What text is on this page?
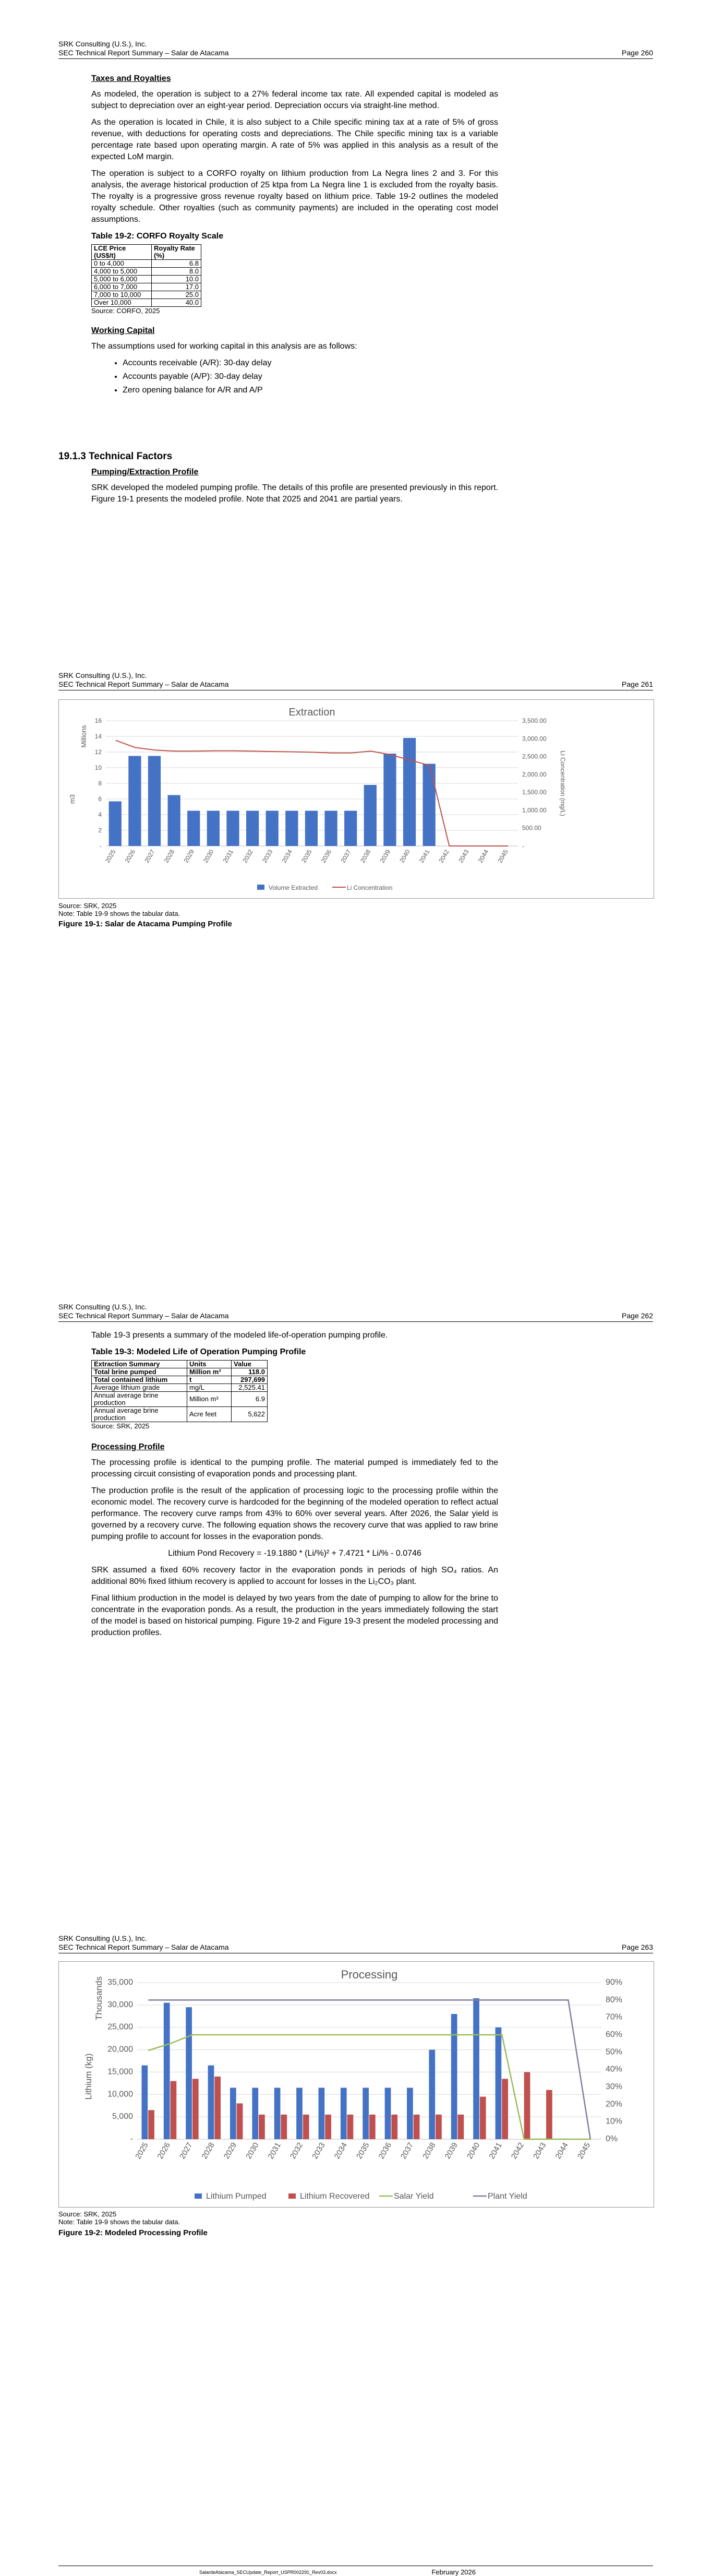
SRK Consulting (U.S.), Inc.
SEC Technical Report Summary – Salar de Atacama	Page 260
Taxes and Royalties

As modeled, the operation is subject to a 27% federal income tax rate. All expended capital is modeled as subject to depreciation over an eight-year period. Depreciation occurs via straight-line method.

As the operation is located in Chile, it is also subject to a Chile specific mining tax at a rate of 5% of gross revenue, with deductions for operating costs and depreciations. The Chile specific mining tax is a variable percentage rate based upon operating margin. A rate of 5% was applied in this analysis as a result of the expected LoM margin.

The operation is subject to a CORFO royalty on lithium production from La Negra lines 2 and 3. For this analysis, the average historical production of 25 ktpa from La Negra line 1 is excluded from the royalty basis. The royalty is a progressive gross revenue royalty based on lithium price. Table 19-2 outlines the modeled royalty schedule. Other royalties (such as community payments) are included in the operating cost model assumptions.

Table 19-2: CORFO Royalty Scale
LCE Price (US$/t)	Royalty Rate (%)
0 to 4,000	6.8
4,000 to 5,000	8.0
5,000 to 6,000	10.0
6,000 to 7,000	17.0
7,000 to 10,000	25.0
Over 10,000	40.0
Source: CORFO, 2025
Working Capital

The assumptions used for working capital in this analysis are as follows:

• Accounts receivable (A/R): 30-day delay
• Accounts payable (A/P): 30-day delay
• Zero opening balance for A/R and A/P
19.1.3 Technical Factors
Pumping/Extraction Profile

SRK developed the modeled pumping profile. The details of this profile are presented previously in this report. Figure 19-1 presents the modeled profile. Note that 2025 and 2041 are partial years.

SRK Consulting (U.S.), Inc.
SEC Technical Report Summary – Salar de Atacama	Page 261
Extraction
-
2
4
6
8
10
12
14
16
-
500.00
1,000.00
1,500.00
2,000.00
2,500.00
3,000.00
3,500.00
m3
Millions
Li Concentration (mg/L)
2025 2026 2027 2028 2029 2030 2031 2032 2033 2034 2035 2036 2037 2038 2039 2040 2041 2042 2043 2044 2045
Volume Extracted	Li Concentration
Source: SRK, 2025
Note: Table 19-9 shows the tabular data.
Figure 19-1: Salar de Atacama Pumping Profile
SRK Consulting (U.S.), Inc.
SEC Technical Report Summary – Salar de Atacama	Page 262

Table 19-3 presents a summary of the modeled life-of-operation pumping profile.

Table 19-3: Modeled Life of Operation Pumping Profile
Extraction Summary	Units	Value
Total brine pumped	Million m³	118.0
Total contained lithium	t	297,699
Average lithium grade	mg/L	2,525.41
Annual average brine production	Million m³	6.9
Annual average brine production	Acre feet	5,622
Source: SRK, 2025
Processing Profile

The processing profile is identical to the pumping profile. The material pumped is immediately fed to the processing circuit consisting of evaporation ponds and processing plant.

The production profile is the result of the application of processing logic to the processing profile within the economic model. The recovery curve is hardcoded for the beginning of the modeled operation to reflect actual performance. The recovery curve ramps from 43% to 60% over several years. After 2026, the Salar yield is governed by a recovery curve. The following equation shows the recovery curve that was applied to raw brine pumping profile to account for losses in the evaporation ponds.

Lithium Pond Recovery = -19.1880 * (Li/%)² + 7.4721 * Li/% - 0.0746

SRK assumed a fixed 60% recovery factor in the evaporation ponds in periods of high SO₄ ratios. An additional 80% fixed lithium recovery is applied to account for losses in the Li₂CO₃ plant.

Final lithium production in the model is delayed by two years from the date of pumping to allow for the brine to concentrate in the evaporation ponds. As a result, the production in the years immediately following the start of the model is based on historical pumping. Figure 19-2 and Figure 19-3 present the modeled processing and production profiles.

SRK Consulting (U.S.), Inc.
SEC Technical Report Summary – Salar de Atacama	Page 263
Processing
-
5,000
10,000
15,000
20,000
25,000
30,000
35,000
0%
10%
20%
30%
40%
50%
60%
70%
80%
90%
Lithium (kg)
Thousands
2025 2026 2027 2028 2029 2030 2031 2032 2033 2034 2035 2036 2037 2038 2039 2040 2041 2042 2043 2044 2045
Lithium Pumped	Lithium Recovered	Salar Yield	Plant Yield
Source: SRK, 2025
Note: Table 19-9 shows the tabular data.
Figure 19-2: Modeled Processing Profile
SalardeAtacama_SECUpdate_Report_USPR002291_Rev03.docx	February 2026
